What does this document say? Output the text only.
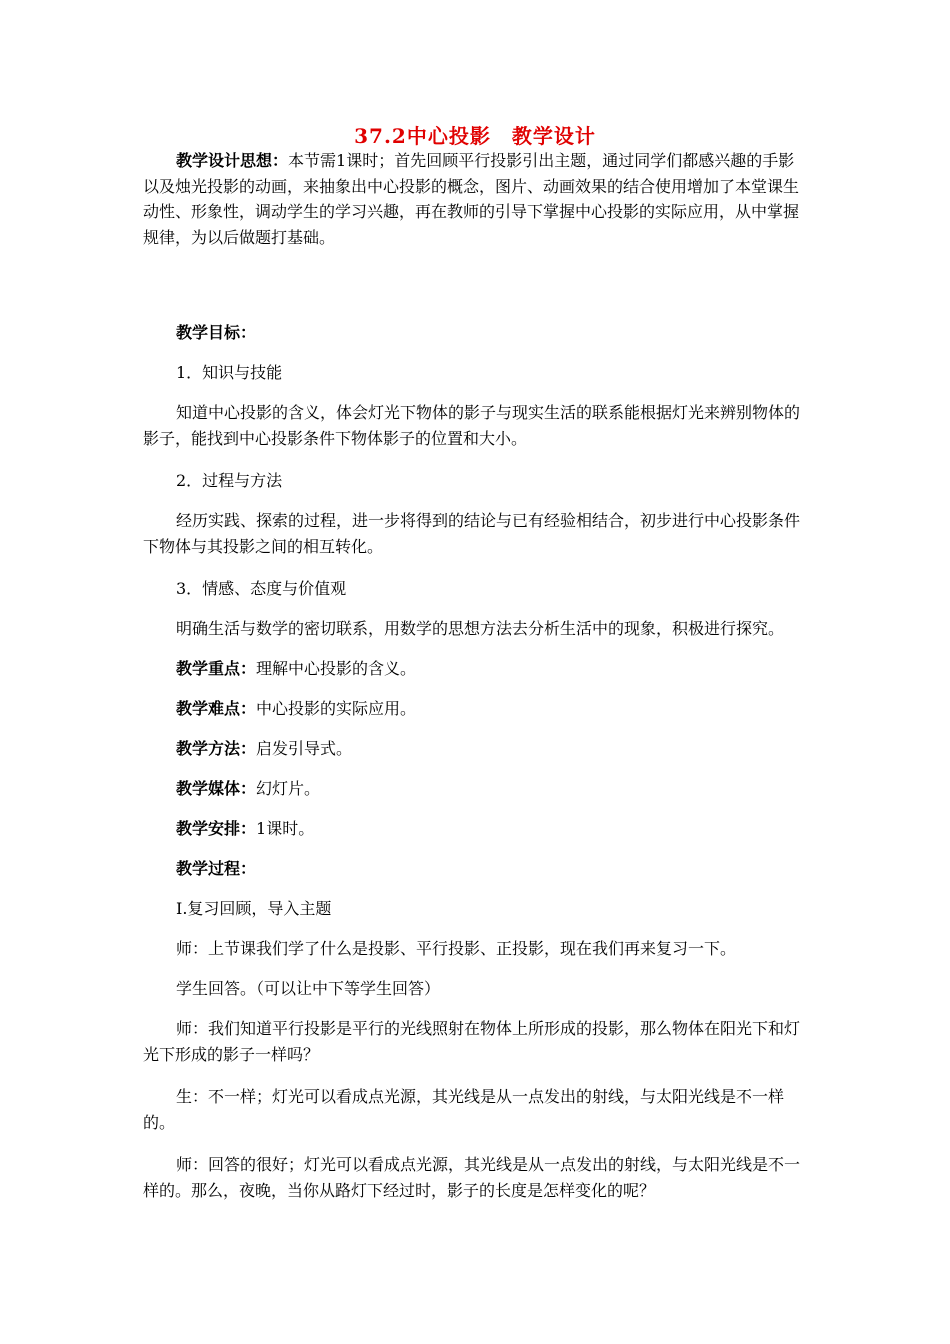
37.2中心投影　教学设计
教学设计思想：本节需1课时；首先回顾平行投影引出主题，通过同学们都感兴趣的手影以及烛光投影的动画，来抽象出中心投影的概念，图片、动画效果的结合使用增加了本堂课生动性、形象性，调动学生的学习兴趣，再在教师的引导下掌握中心投影的实际应用，从中掌握规律，为以后做题打基础。
教学目标：
1．知识与技能
知道中心投影的含义，体会灯光下物体的影子与现实生活的联系能根据灯光来辨别物体的影子，能找到中心投影条件下物体影子的位置和大小。
2．过程与方法
经历实践、探索的过程，进一步将得到的结论与已有经验相结合，初步进行中心投影条件下物体与其投影之间的相互转化。
3．情感、态度与价值观
明确生活与数学的密切联系，用数学的思想方法去分析生活中的现象，积极进行探究。
教学重点：理解中心投影的含义。
教学难点：中心投影的实际应用。
教学方法：启发引导式。
教学媒体：幻灯片。
教学安排：1课时。
教学过程：
Ⅰ.复习回顾，导入主题
师：上节课我们学了什么是投影、平行投影、正投影，现在我们再来复习一下。
学生回答。（可以让中下等学生回答）
师：我们知道平行投影是平行的光线照射在物体上所形成的投影，那么物体在阳光下和灯光下形成的影子一样吗？
生：不一样；灯光可以看成点光源，其光线是从一点发出的射线，与太阳光线是不一样的。
师：回答的很好；灯光可以看成点光源，其光线是从一点发出的射线，与太阳光线是不一样的。那么，夜晚，当你从路灯下经过时，影子的长度是怎样变化的呢？
